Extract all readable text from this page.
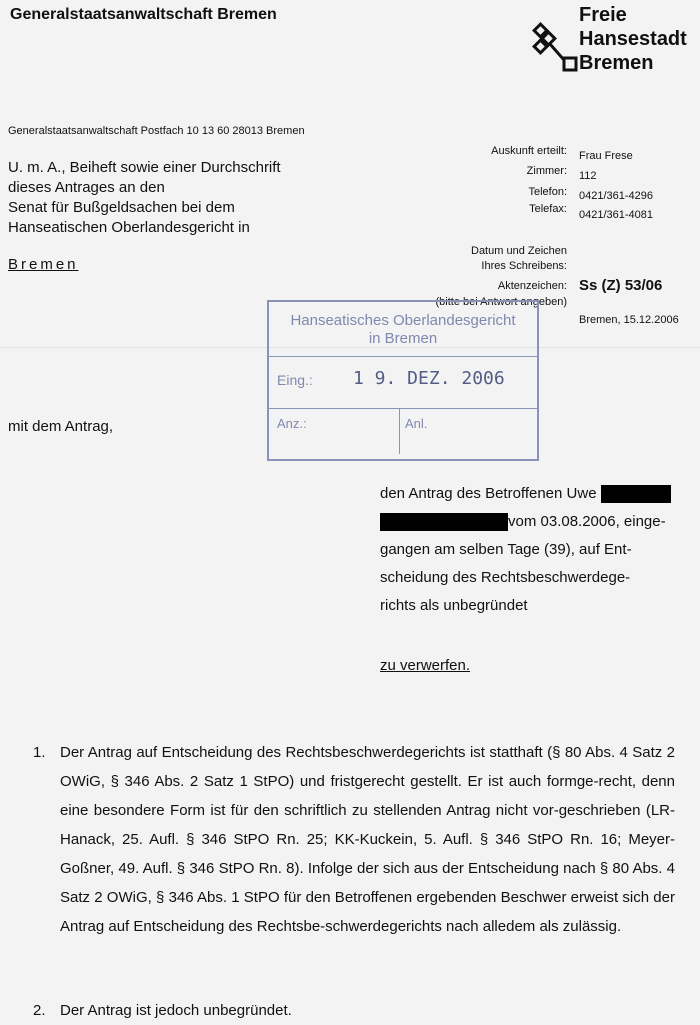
Generalstaatsanwaltschaft Bremen	Freie
Hansestadt
Bremen
Generalstaatsanwaltschaft Postfach 10 13 60 28013 Bremen
U. m. A., Beiheft sowie einer Durchschrift
dieses Antrages an den
Senat für Bußgeldsachen bei dem
Hanseatischen Oberlandesgericht in
Bremen
Auskunft erteilt: Frau Frese
Zimmer: 112
Telefon: 0421/361-4296
Telefax: 0421/361-4081
Datum und Zeichen
Ihres Schreibens:
Aktenzeichen: Ss (Z) 53/06
(bitte bei Antwort angeben)
Bremen, 15.12.2006
Hanseatisches Oberlandesgericht
in Bremen
Eing.: 1 9. DEZ. 2006
Anz.:	Anl.
mit dem Antrag,
den Antrag des Betroffenen Uwe
vom 03.08.2006, einge-
gangen am selben Tage (39), auf Ent-
scheidung des Rechtsbeschwerdege-
richts als unbegründet
zu verwerfen.
1. Der Antrag auf Entscheidung des Rechtsbeschwerdegerichts ist statthaft (§ 80 Abs. 4 Satz 2 OWiG, § 346 Abs. 2 Satz 1 StPO) und fristgerecht gestellt. Er ist auch formge-recht, denn eine besondere Form ist für den schriftlich zu stellenden Antrag nicht vor-geschrieben (LR-Hanack, 25. Aufl. § 346 StPO Rn. 25; KK-Kuckein, 5. Aufl. § 346 StPO Rn. 16; Meyer-Goßner, 49. Aufl. § 346 StPO Rn. 8). Infolge der sich aus der Entscheidung nach § 80 Abs. 4 Satz 2 OWiG, § 346 Abs. 1 StPO für den Betroffenen ergebenden Beschwer erweist sich der Antrag auf Entscheidung des Rechtsbe-schwerdegerichts nach alledem als zulässig.
2. Der Antrag ist jedoch unbegründet.
